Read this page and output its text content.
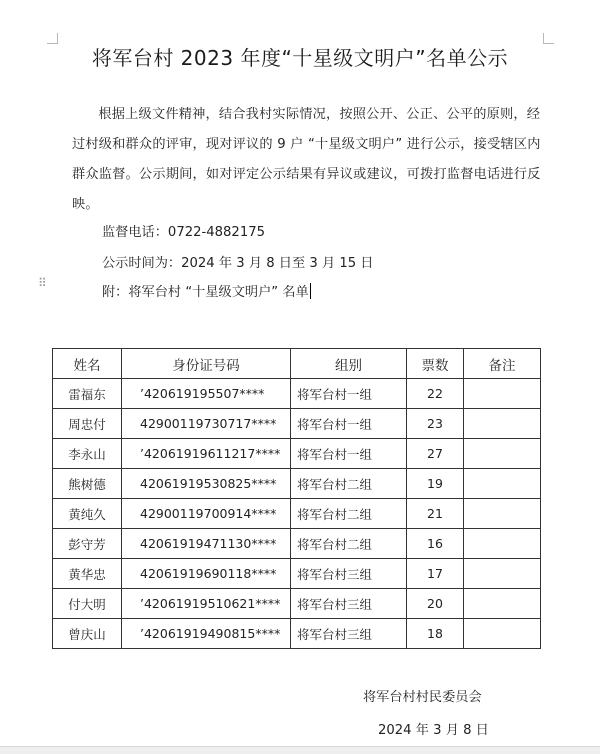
将军台村 2023 年度“十星级文明户”名单公示
根据上级文件精神，结合我村实际情况，按照公开、公正、公平的原则，经过村级和群众的评审，现对评议的 9 户 “十星级文明户” 进行公示，接受辖区内群众监督。公示期间，如对评定公示结果有异议或建议，可拨打监督电话进行反映。
监督电话：0722-4882175
公示时间为：2024 年 3 月 8 日至 3 月 15 日
附：将军台村 “十星级文明户” 名单
⠿
姓名	身份证号码	组别	票数	备注
雷福东	’420619195507****	将军台村一组	22	
周忠付	42900119730717****	将军台村一组	23	
李永山	’42061919611217****	将军台村一组	27	
熊树德	42061919530825****	将军台村二组	19	
黄纯久	42900119700914****	将军台村二组	21	
彭守芳	42061919471130****	将军台村二组	16	
黄华忠	42061919690118****	将军台村三组	17	
付大明	’42061919510621****	将军台村三组	20	
曾庆山	’42061919490815****	将军台村三组	18	
将军台村村民委员会
2024 年 3 月 8 日
